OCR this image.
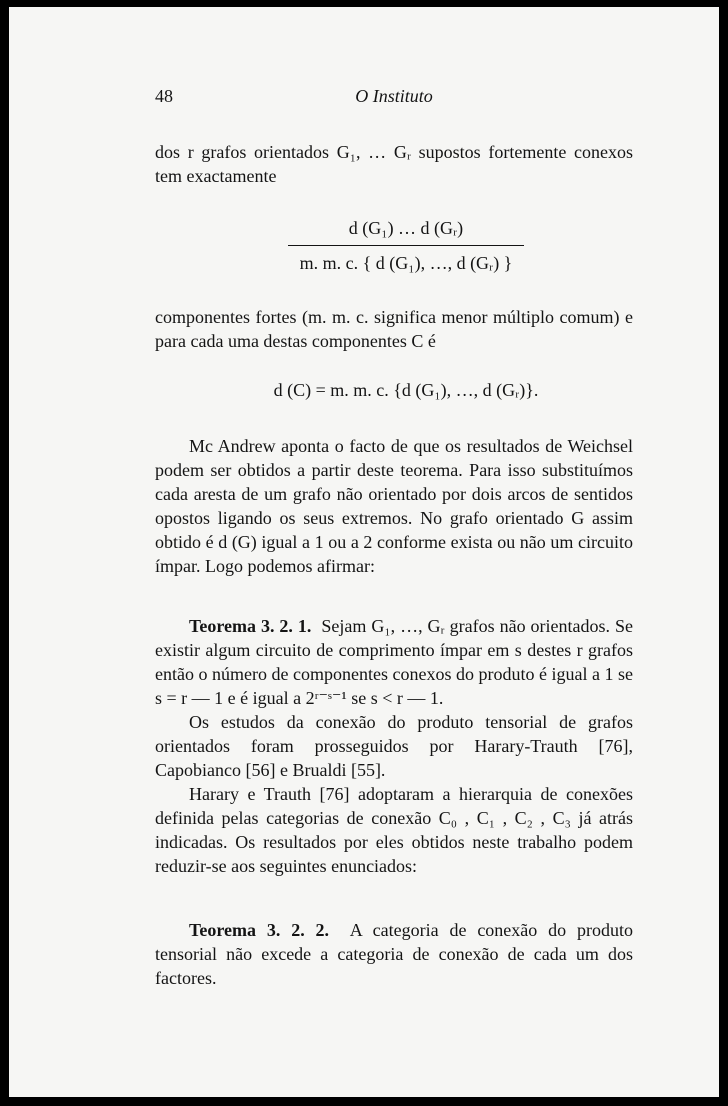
48	O Instituto

dos r grafos orientados G₁, … Gᵣ supostos fortemente conexos tem exactamente

d (G₁) … d (Gᵣ)
m. m. c. { d (G₁), …, d (Gᵣ) }

componentes fortes (m. m. c. significa menor múltiplo comum) e para cada uma destas componentes C é

d (C) = m. m. c. {d (G₁), …, d (Gᵣ)}.

Mc Andrew aponta o facto de que os resultados de Weichsel podem ser obtidos a partir deste teorema. Para isso substituímos cada aresta de um grafo não orientado por dois arcos de sentidos opostos ligando os seus extremos. No grafo orientado G assim obtido é d (G) igual a 1 ou a 2 conforme exista ou não um circuito ímpar. Logo podemos afirmar:

Teorema 3. 2. 1. Sejam G₁, …, Gᵣ grafos não orientados. Se existir algum circuito de comprimento ímpar em s destes r grafos então o número de componentes conexos do produto é igual a 1 se s = r — 1 e é igual a 2ʳ⁻ˢ⁻¹ se s < r — 1.

Os estudos da conexão do produto tensorial de grafos orientados foram prosseguidos por Harary-Trauth [76], Capobianco [56] e Brualdi [55].

Harary e Trauth [76] adoptaram a hierarquia de conexões definida pelas categorias de conexão C₀ , C₁ , C₂ , C₃ já atrás indicadas. Os resultados por eles obtidos neste trabalho podem reduzir-se aos seguintes enunciados:

Teorema 3. 2. 2. A categoria de conexão do produto tensorial não excede a categoria de conexão de cada um dos factores.
